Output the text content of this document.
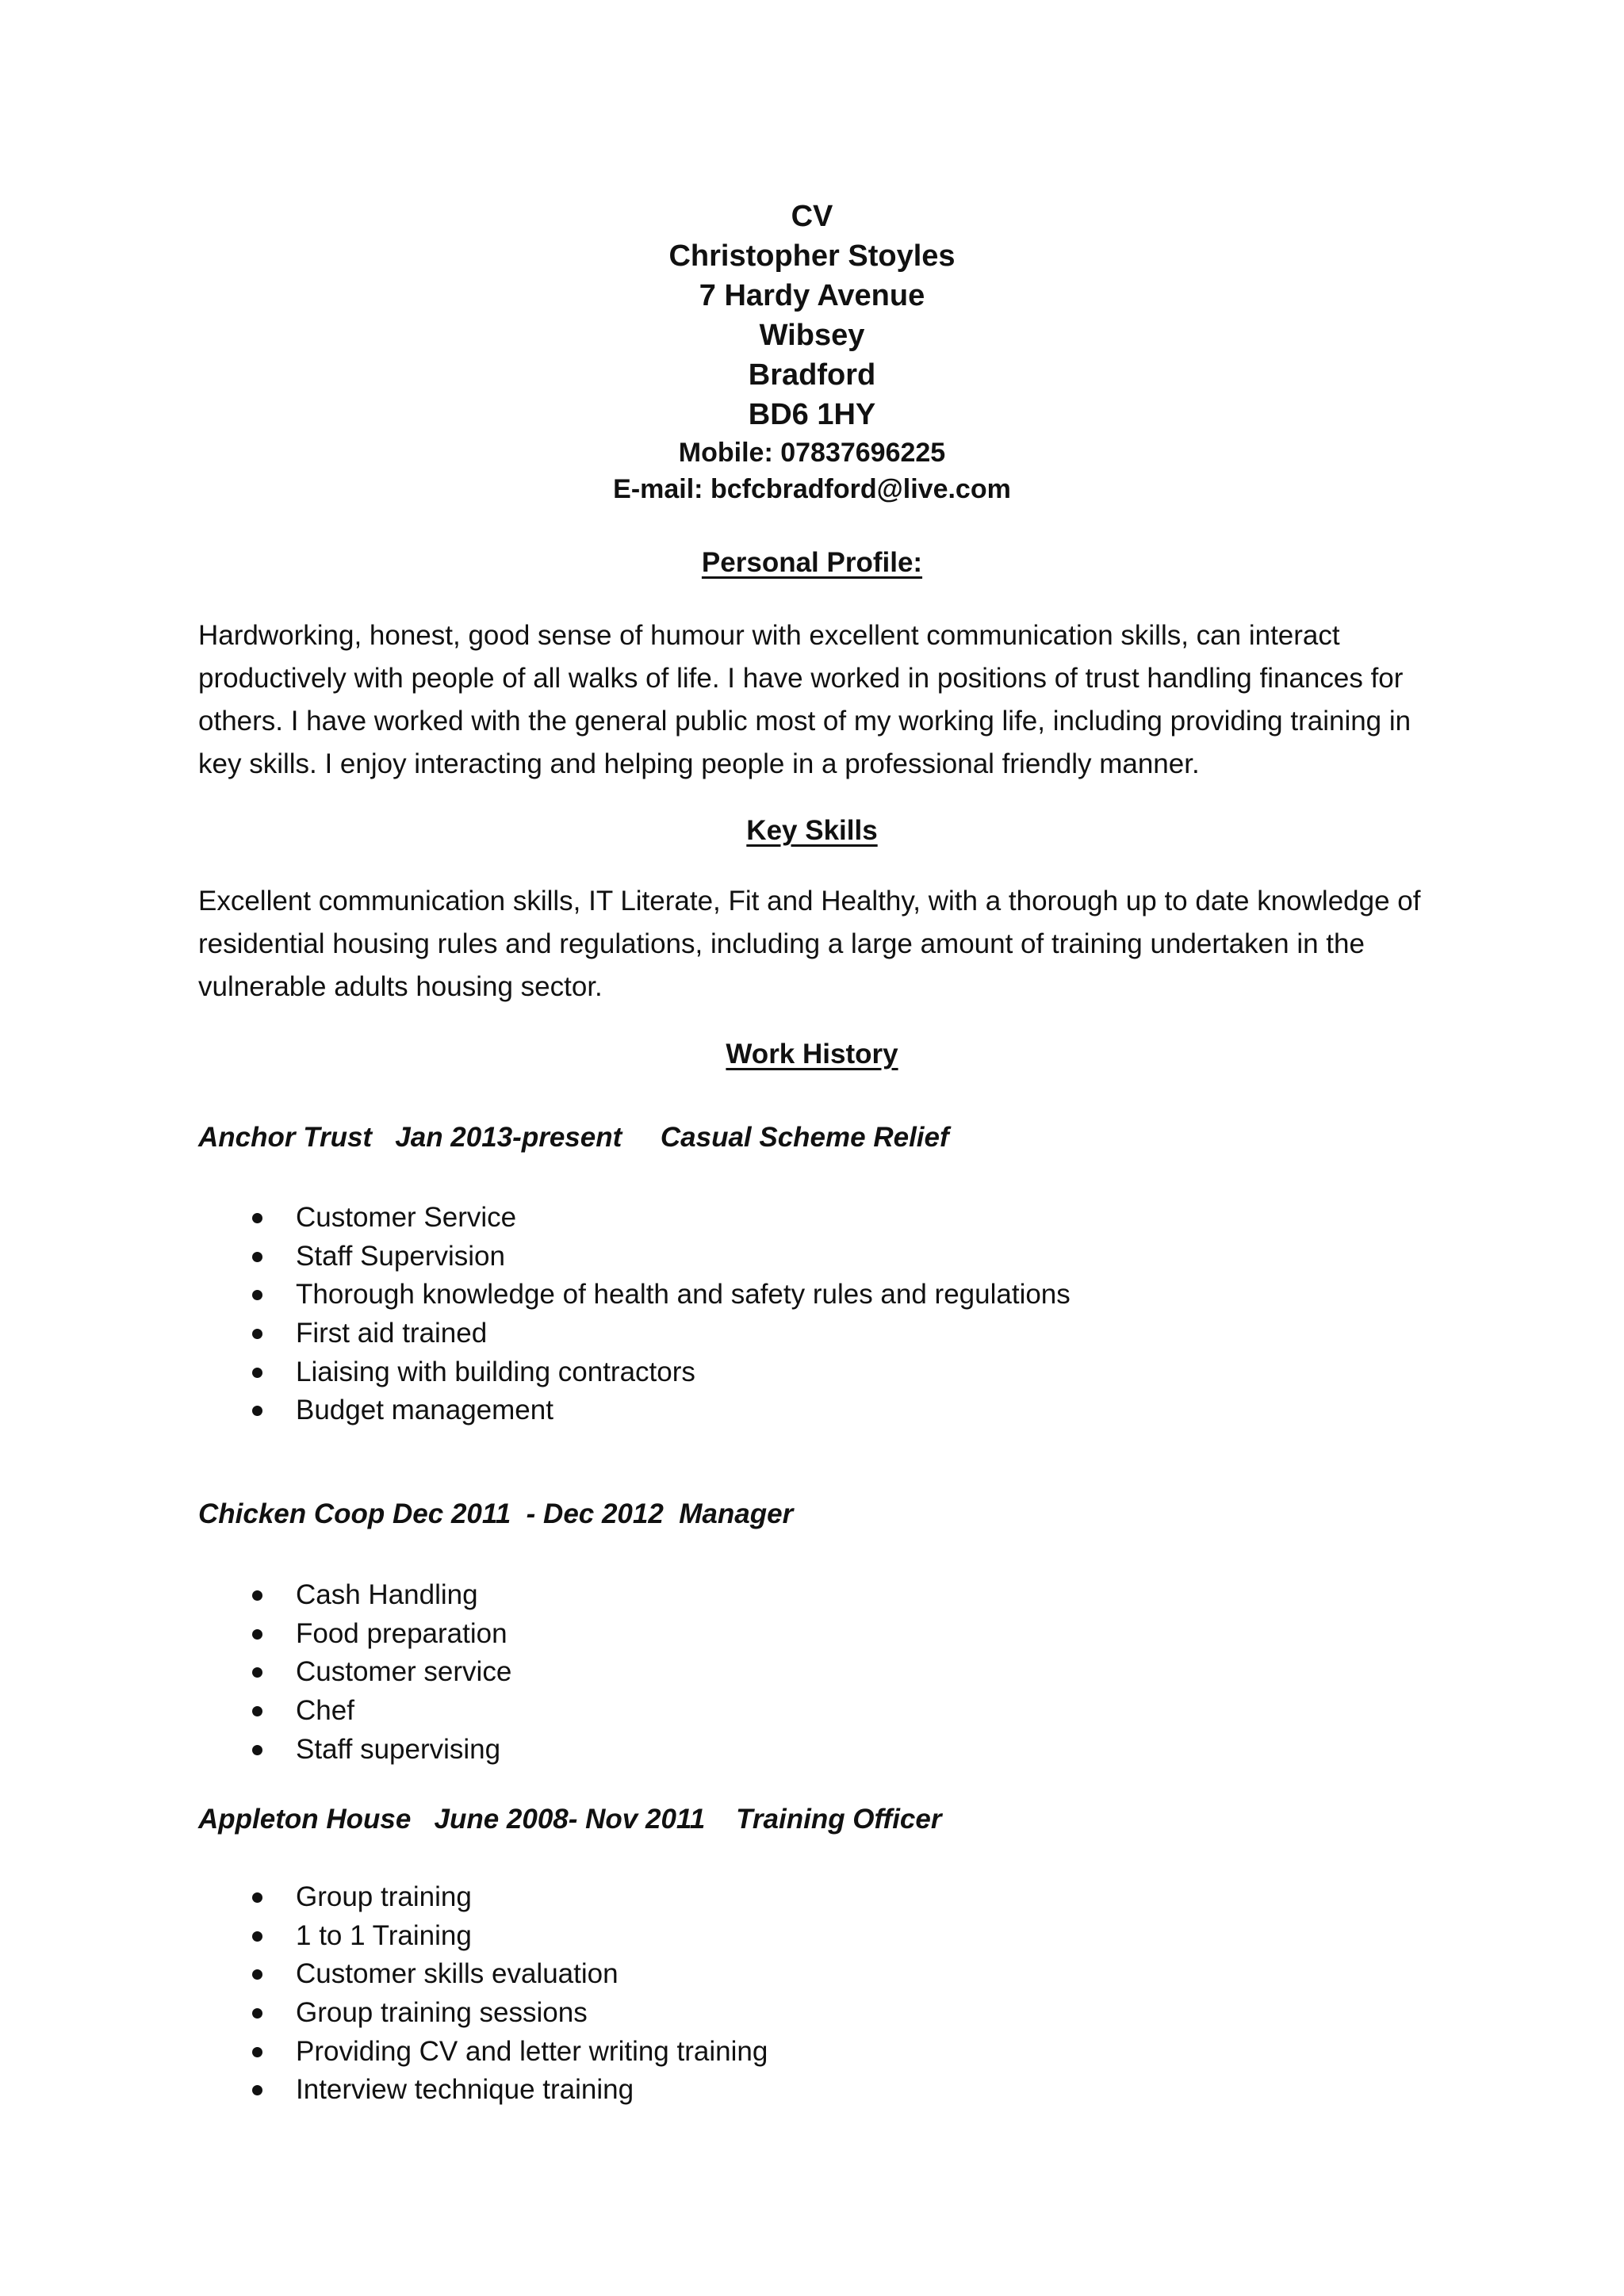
CV
Christopher Stoyles
7 Hardy Avenue
Wibsey
Bradford
BD6 1HY
Mobile: 07837696225
E-mail: bcfcbradford@live.com
Personal Profile:
Hardworking, honest, good sense of humour with excellent communication skills, can interact productively with people of all walks of life. I have worked in positions of trust handling finances for others. I have worked with the general public most of my working life, including providing training in key skills. I enjoy interacting and helping people in a professional friendly manner.
Key Skills
Excellent communication skills, IT Literate, Fit and Healthy, with a thorough up to date knowledge of residential housing rules and regulations, including a large amount of training undertaken in the vulnerable adults housing sector.
Work History
Anchor Trust   Jan 2013-present     Casual Scheme Relief
Customer Service
Staff Supervision
Thorough knowledge of health and safety rules and regulations
First aid trained
Liaising with building contractors
Budget management
Chicken Coop Dec 2011  - Dec 2012  Manager
Cash Handling
Food preparation
Customer service
Chef
Staff supervising
Appleton House   June 2008- Nov 2011    Training Officer
Group training
1 to 1 Training
Customer skills evaluation
Group training sessions
Providing CV and letter writing training
Interview technique training
